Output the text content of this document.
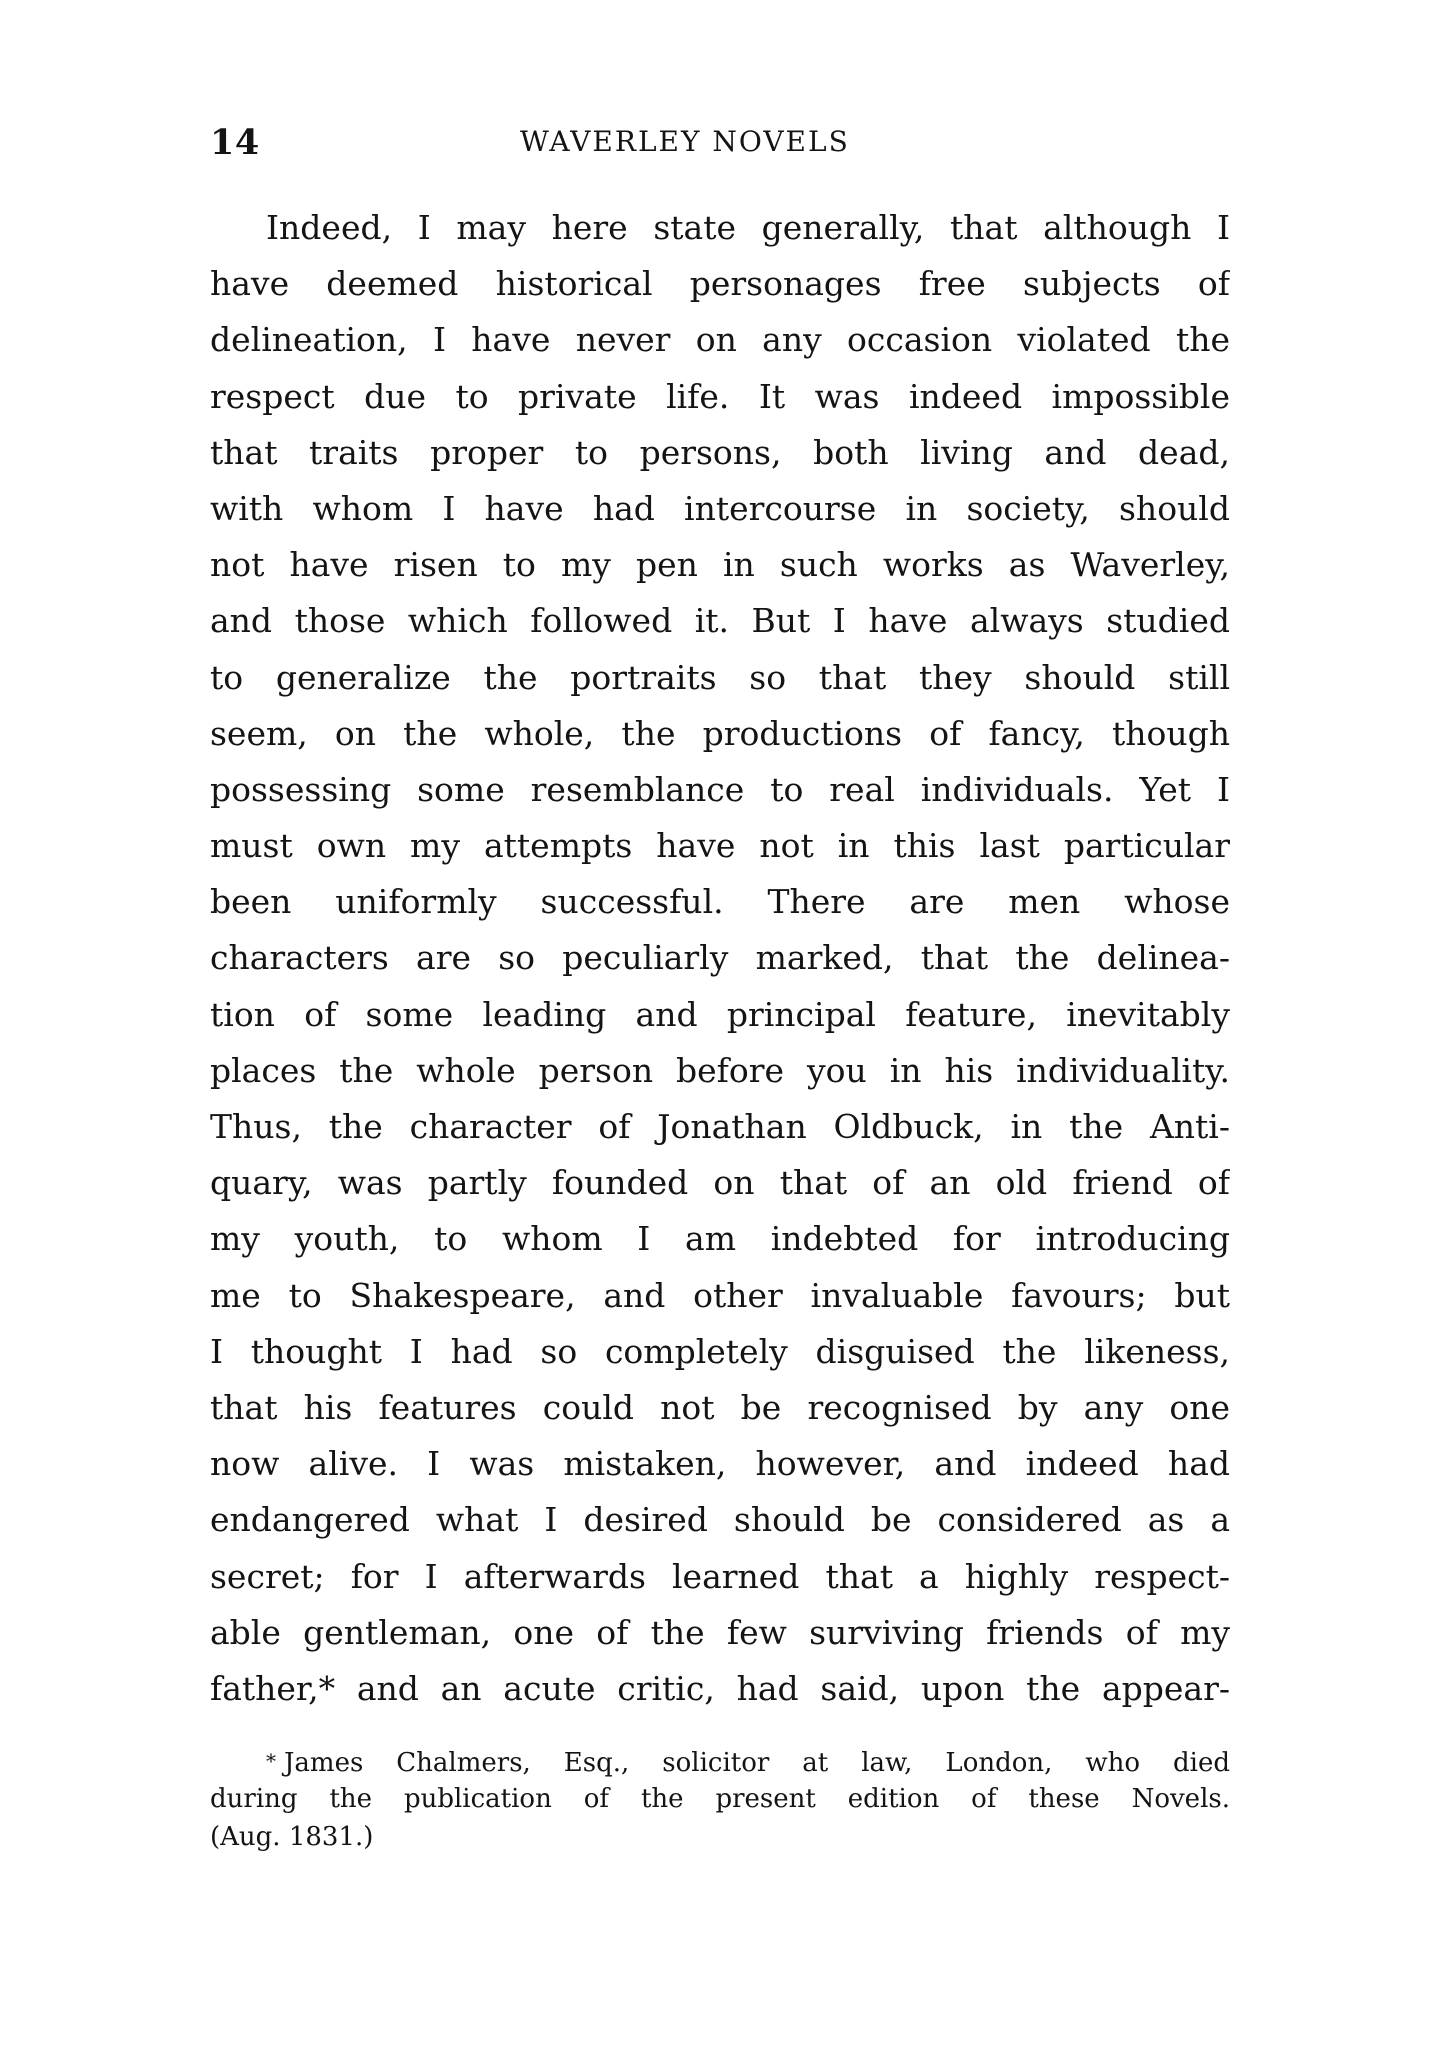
14	WAVERLEY NOVELS
Indeed, I may here state generally, that although I
have deemed historical personages free subjects of
delineation, I have never on any occasion violated the
respect due to private life. It was indeed impossible
that traits proper to persons, both living and dead,
with whom I have had intercourse in society, should
not have risen to my pen in such works as Waverley,
and those which followed it. But I have always studied
to generalize the portraits so that they should still
seem, on the whole, the productions of fancy, though
possessing some resemblance to real individuals. Yet I
must own my attempts have not in this last particular
been uniformly successful. There are men whose
characters are so peculiarly marked, that the delinea-
tion of some leading and principal feature, inevitably
places the whole person before you in his individuality.
Thus, the character of Jonathan Oldbuck, in the Anti-
quary, was partly founded on that of an old friend of
my youth, to whom I am indebted for introducing
me to Shakespeare, and other invaluable favours; but
I thought I had so completely disguised the likeness,
that his features could not be recognised by any one
now alive. I was mistaken, however, and indeed had
endangered what I desired should be considered as a
secret; for I afterwards learned that a highly respect-
able gentleman, one of the few surviving friends of my
father,* and an acute critic, had said, upon the appear-
* James Chalmers, Esq., solicitor at law, London, who died
during the publication of the present edition of these Novels.
(Aug. 1831.)
